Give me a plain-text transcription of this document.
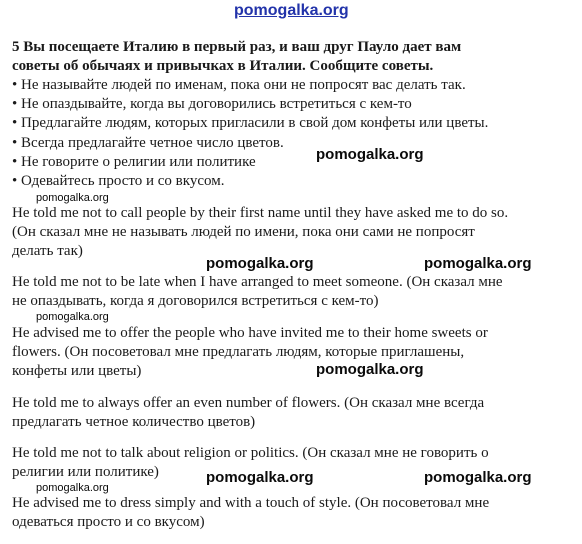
pomogalka.org
5 Вы посещаете Италию в первый раз, и ваш друг Пауло дает вам
советы об обычаях и привычках в Италии. Сообщите советы.
• Не называйте людей по именам, пока они не попросят вас делать так.
• Не опаздывайте, когда вы договорились встретиться с кем-то
• Предлагайте людям, которых пригласили в свой дом конфеты или цветы.
• Всегда предлагайте четное число цветов.
• Не говорите о религии или политике
• Одевайтесь просто и со вкусом.
He told me not to call people by their first name until they have asked me to do so.
(Он сказал мне не называть людей по имени, пока они сами не попросят
делать так)
He told me not to be late when I have arranged to meet someone. (Он сказал мне
не опаздывать, когда я договорился встретиться с кем-то)
He advised me to offer the people who have invited me to their home sweets or
flowers. (Он посоветовал мне предлагать людям, которые приглашены,
конфеты или цветы)
He told me to always offer an even number of flowers. (Он сказал мне всегда
предлагать четное количество цветов)
He told me not to talk about religion or politics. (Он сказал мне не говорить о
религии или политике)
He advised me to dress simply and with a touch of style. (Он посоветовал мне
одеваться просто и со вкусом)
pomogalka.org
pomogalka.org
pomogalka.org	pomogalka.org
pomogalka.org
pomogalka.org
pomogalka.org	pomogalka.org
pomogalka.org
